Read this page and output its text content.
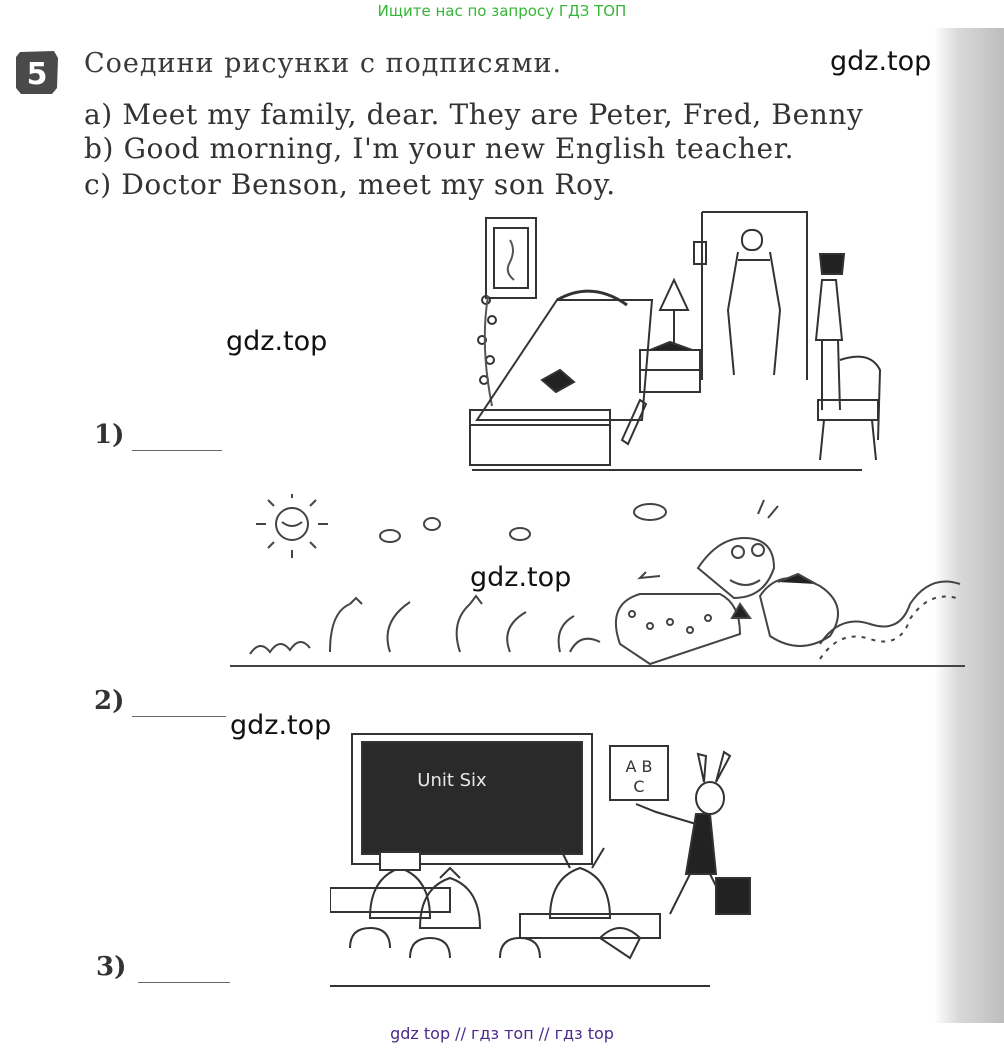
Ищите нас по запросу ГДЗ ТОП
5 Соедини рисунки с подписями.	gdz.top
a) Meet my family, dear. They are Peter, Fred, Benny
b) Good morning, I'm your new English teacher.
c) Doctor Benson, meet my son Roy.
gdz.top
1)
gdz.top
2)
gdz.top
Unit Six
A B
C
3)
gdz top // гдз топ // гдз top
